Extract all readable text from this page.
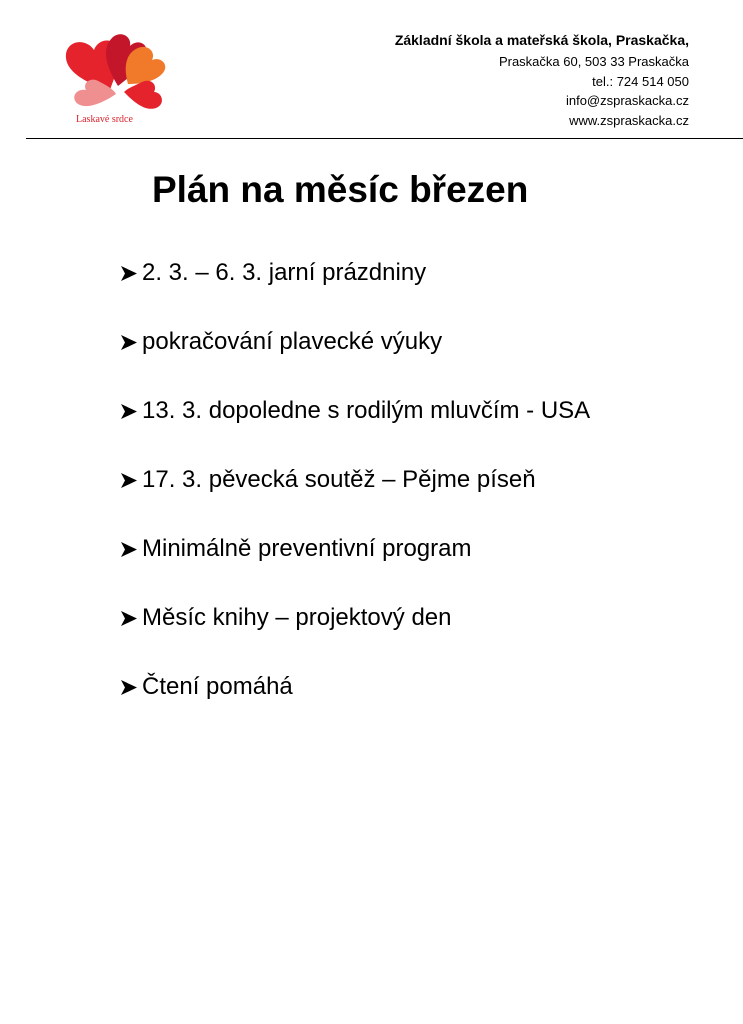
Laskavé srdce
Základní škola a mateřská škola, Praskačka,
Praskačka 60, 503 33 Praskačka
tel.: 724 514 050
info@zspraskacka.cz
www.zspraskacka.cz
Plán na měsíc březen
2. 3. – 6. 3. jarní prázdniny
pokračování plavecké výuky
13. 3. dopoledne s rodilým mluvčím - USA
17. 3. pěvecká soutěž – Pějme píseň
Minimálně preventivní program
Měsíc knihy – projektový den
Čtení pomáhá
